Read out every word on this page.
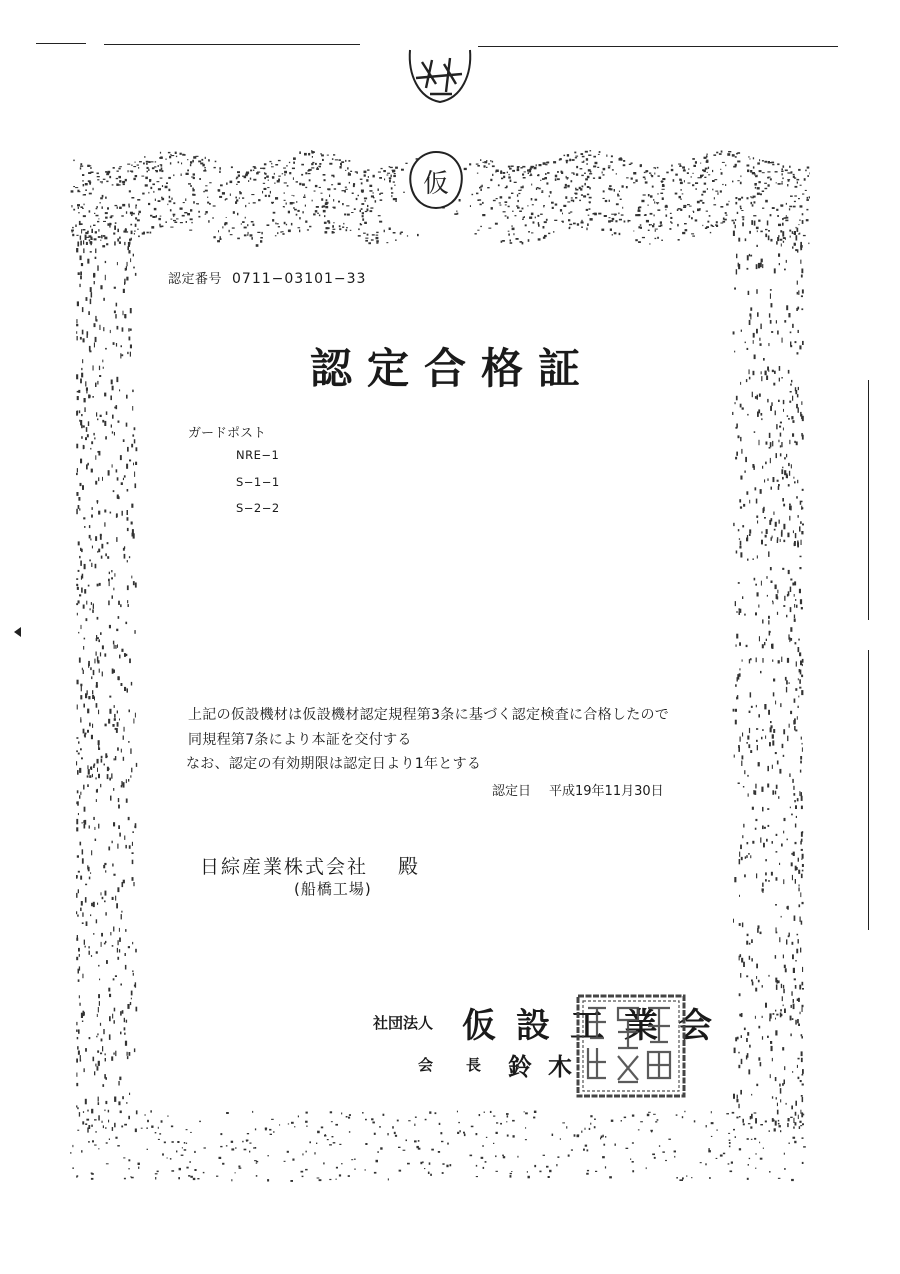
仮
認定番号 0711−03101−33
認定合格証
ガードポスト
NRE−1
S−1−1
S−2−2
上記の仮設機材は仮設機材認定規程第3条に基づく認定検査に合格したので
同規程第7条により本証を交付する
なお、認定の有効期限は認定日より1年とする
認定日 平成19年11月30日
日綜産業株式会社 殿
(船橋工場)
社団法人 仮設工業会
会長
鈴木
